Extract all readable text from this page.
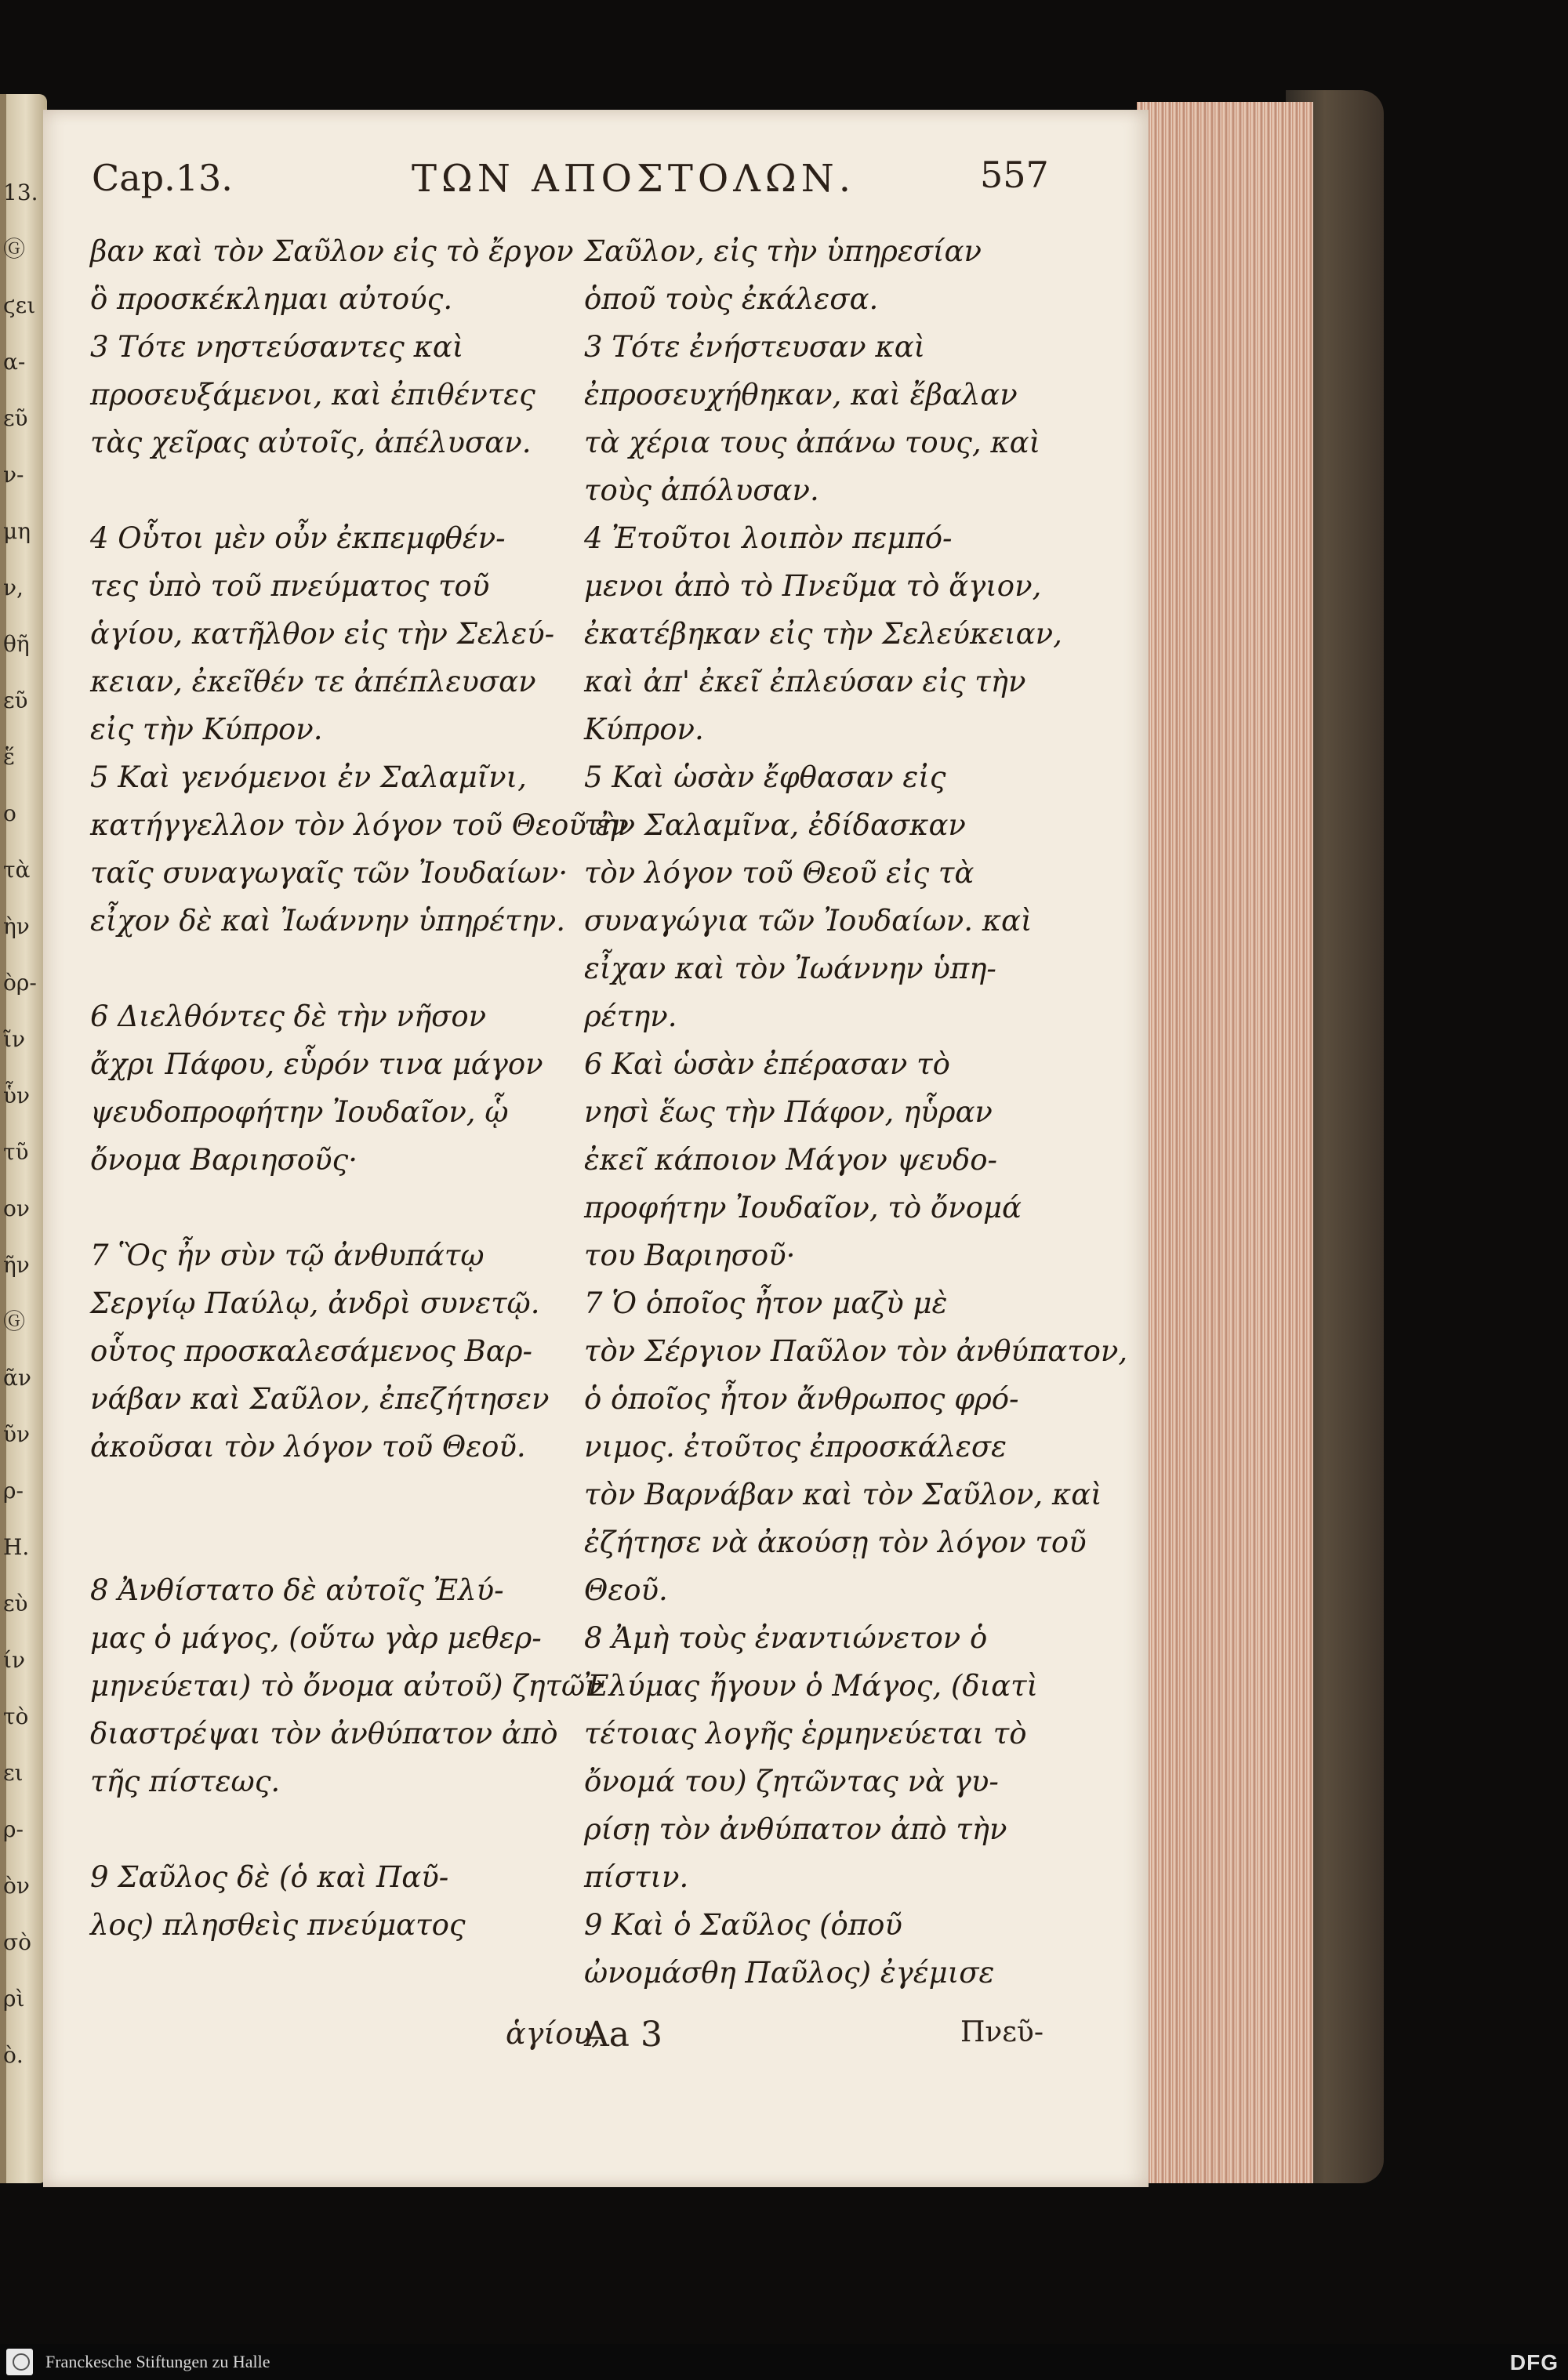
13.
Ⓖ
ϛει
α-
εῦ
ν-
μη
ν,
θῆ
εῦ
ἕ
ο
τὰ
ὴν
ὸρ-
ῖν
ὗν
τῦ
ον
ῆν
Ⓖ
ᾶν
ῦν
ρ-
Η.
εὺ
ίν
τὸ
ει
ρ-
ὸν
σὸ
ρὶ
ὸ.
Cap.13.	ΤΩΝ ΑΠΟΣΤΟΛΩΝ.	557
βαν καὶ τὸν Σαῦλον εἰς τὸ ἔργον
ὃ προσκέκλημαι αὐτούς.
3 Τότε νηστεύσαντες καὶ
προσευξάμενοι, καὶ ἐπιθέντες
τὰς χεῖρας αὐτοῖς, ἀπέλυσαν.
4 Οὗτοι μὲν οὖν ἐκπεμφθέν-
τες ὑπὸ τοῦ πνεύματος τοῦ
ἁγίου, κατῆλθον εἰς τὴν Σελεύ-
κειαν, ἐκεῖθέν τε ἀπέπλευσαν
εἰς τὴν Κύπρον.
5 Καὶ γενόμενοι ἐν Σαλαμῖνι,
κατήγγελλον τὸν λόγον τοῦ Θεοῦ ἐν
ταῖς συναγωγαῖς τῶν Ἰουδαίων·
εἶχον δὲ καὶ Ἰωάννην ὑπηρέτην.
6 Διελθόντες δὲ τὴν νῆσον
ἄχρι Πάφου, εὗρόν τινα μάγον
ψευδοπροφήτην Ἰουδαῖον, ᾧ
ὄνομα Βαριησοῦς·
7 Ὃς ἦν σὺν τῷ ἀνθυπάτῳ
Σεργίῳ Παύλῳ, ἀνδρὶ συνετῷ.
οὗτος προσκαλεσάμενος Βαρ-
νάβαν καὶ Σαῦλον, ἐπεζήτησεν
ἀκοῦσαι τὸν λόγον τοῦ Θεοῦ.
8 Ἀνθίστατο δὲ αὐτοῖς Ἐλύ-
μας ὁ μάγος, (οὕτω γὰρ μεθερ-
μηνεύεται) τὸ ὄνομα αὐτοῦ) ζητῶν
διαστρέψαι τὸν ἀνθύπατον ἀπὸ
τῆς πίστεως.
9 Σαῦλος δὲ (ὁ καὶ Παῦ-
λος) πλησθεὶς πνεύματος
Σαῦλον, εἰς τὴν ὑπηρεσίαν
ὁποῦ τοὺς ἐκάλεσα.
3 Τότε ἐνήστευσαν καὶ
ἐπροσευχήθηκαν, καὶ ἔβαλαν
τὰ χέρια τους ἀπάνω τους, καὶ
τοὺς ἀπόλυσαν.
4 Ἐτοῦτοι λοιπὸν πεμπό-
μενοι ἀπὸ τὸ Πνεῦμα τὸ ἅγιον,
ἐκατέβηκαν εἰς τὴν Σελεύκειαν,
καὶ ἀπ' ἐκεῖ ἐπλεύσαν εἰς τὴν
Κύπρον.
5 Καὶ ὡσὰν ἔφθασαν εἰς
τὴν Σαλαμῖνα, ἐδίδασκαν
τὸν λόγον τοῦ Θεοῦ εἰς τὰ
συναγώγια τῶν Ἰουδαίων. καὶ
εἶχαν καὶ τὸν Ἰωάννην ὑπη-
ρέτην.
6 Καὶ ὡσὰν ἐπέρασαν τὸ
νησὶ ἕως τὴν Πάφον, ηὗραν
ἐκεῖ κάποιον Μάγον ψευδο-
προφήτην Ἰουδαῖον, τὸ ὄνομά
του Βαριησοῦ·
7 Ὁ ὁποῖος ἦτον μαζὺ μὲ
τὸν Σέργιον Παῦλον τὸν ἀνθύπατον,
ὁ ὁποῖος ἦτον ἄνθρωπος φρό-
νιμος. ἐτοῦτος ἐπροσκάλεσε
τὸν Βαρνάβαν καὶ τὸν Σαῦλον, καὶ
ἐζήτησε νὰ ἀκούσῃ τὸν λόγον τοῦ
Θεοῦ.
8 Ἀμὴ τοὺς ἐναντιώνετον ὁ
Ἐλύμας ἤγουν ὁ Μάγος, (διατὶ
τέτοιας λογῆς ἑρμηνεύεται τὸ
ὄνομά του) ζητῶντας νὰ γυ-
ρίσῃ τὸν ἀνθύπατον ἀπὸ τὴν
πίστιν.
9 Καὶ ὁ Σαῦλος (ὁποῦ
ὠνομάσθη Παῦλος) ἐγέμισε
ἁγίου,
Aa 3	Πνεῦ-
Franckesche Stiftungen zu Halle	DFG
